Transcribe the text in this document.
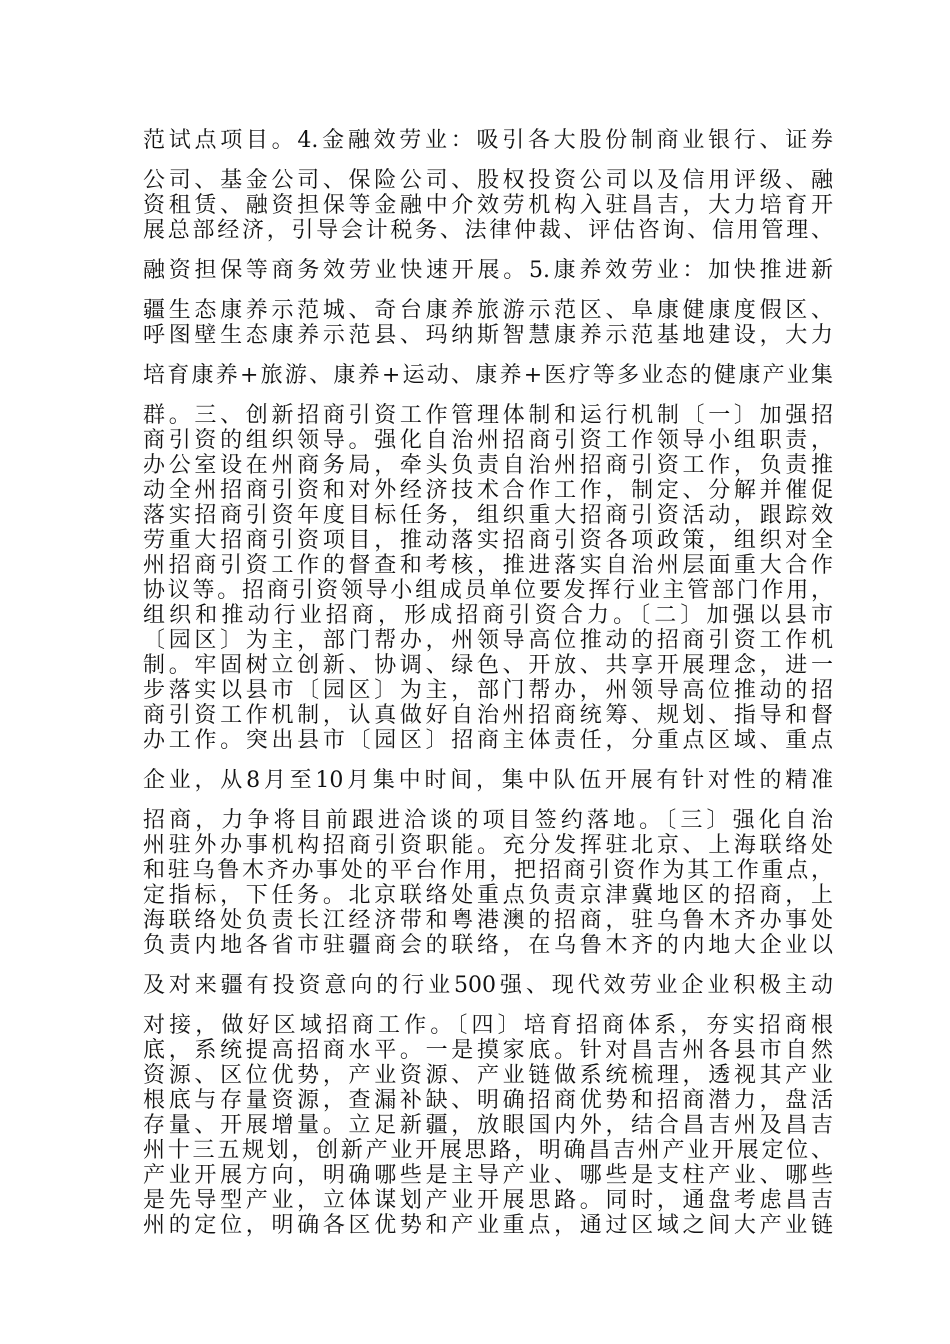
范试点项目。4.金融效劳业：吸引各大股份制商业银行、证券
公司、基金公司、保险公司、股权投资公司以及信用评级、融
资租赁、融资担保等金融中介效劳机构入驻昌吉，大力培育开
展总部经济，引导会计税务、法律仲裁、评估咨询、信用管理、
融资担保等商务效劳业快速开展。5.康养效劳业：加快推进新
疆生态康养示范城、奇台康养旅游示范区、阜康健康度假区、
呼图壁生态康养示范县、玛纳斯智慧康养示范基地建设，大力
培育康养+旅游、康养+运动、康养+医疗等多业态的健康产业集
群。三、创新招商引资工作管理体制和运行机制〔一〕加强招
商引资的组织领导。强化自治州招商引资工作领导小组职责，
办公室设在州商务局，牵头负责自治州招商引资工作，负责推
动全州招商引资和对外经济技术合作工作，制定、分解并催促
落实招商引资年度目标任务，组织重大招商引资活动，跟踪效
劳重大招商引资项目，推动落实招商引资各项政策，组织对全
州招商引资工作的督查和考核，推进落实自治州层面重大合作
协议等。招商引资领导小组成员单位要发挥行业主管部门作用，
组织和推动行业招商，形成招商引资合力。〔二〕加强以县市
〔园区〕为主，部门帮办，州领导高位推动的招商引资工作机
制。牢固树立创新、协调、绿色、开放、共享开展理念，进一
步落实以县市〔园区〕为主，部门帮办，州领导高位推动的招
商引资工作机制，认真做好自治州招商统筹、规划、指导和督
办工作。突出县市〔园区〕招商主体责任，分重点区域、重点
企业，从8月至10月集中时间，集中队伍开展有针对性的精准
招商，力争将目前跟进洽谈的项目签约落地。〔三〕强化自治
州驻外办事机构招商引资职能。充分发挥驻北京、上海联络处
和驻乌鲁木齐办事处的平台作用，把招商引资作为其工作重点，
定指标，下任务。北京联络处重点负责京津冀地区的招商，上
海联络处负责长江经济带和粤港澳的招商，驻乌鲁木齐办事处
负责内地各省市驻疆商会的联络，在乌鲁木齐的内地大企业以
及对来疆有投资意向的行业500强、现代效劳业企业积极主动
对接，做好区域招商工作。〔四〕培育招商体系，夯实招商根
底，系统提高招商水平。一是摸家底。针对昌吉州各县市自然
资源、区位优势，产业资源、产业链做系统梳理，透视其产业
根底与存量资源，查漏补缺、明确招商优势和招商潜力，盘活
存量、开展增量。立足新疆，放眼国内外，结合昌吉州及昌吉
州十三五规划，创新产业开展思路，明确昌吉州产业开展定位、
产业开展方向，明确哪些是主导产业、哪些是支柱产业、哪些
是先导型产业，立体谋划产业开展思路。同时，通盘考虑昌吉
州的定位，明确各区优势和产业重点，通过区域之间大产业链
